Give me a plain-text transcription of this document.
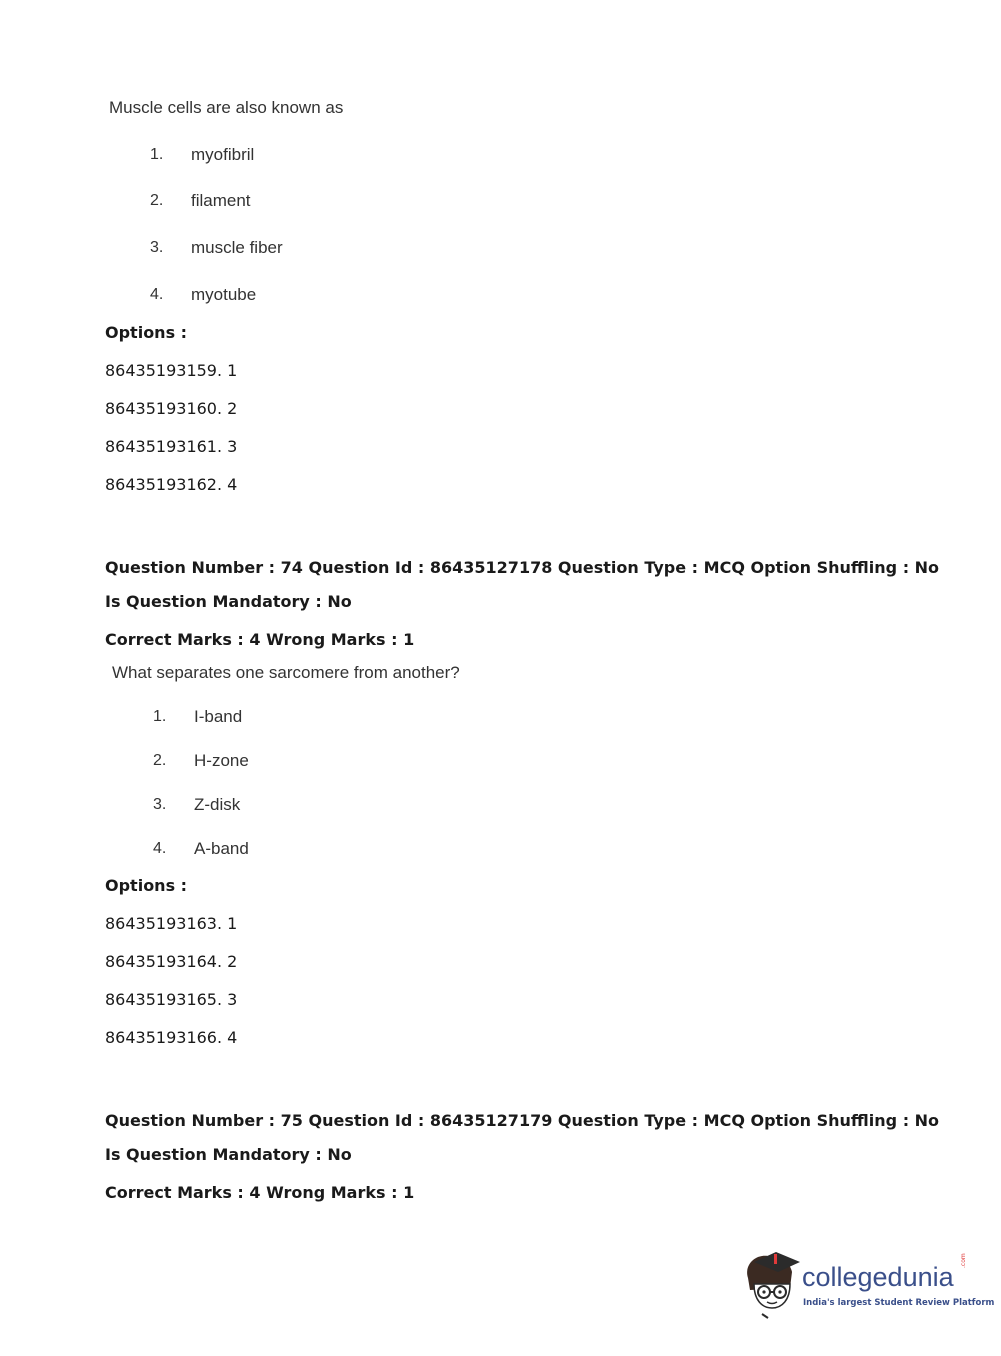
Muscle cells are also known as
1. myofibril
2. filament
3. muscle fiber
4. myotube
Options :
86435193159. 1
86435193160. 2
86435193161. 3
86435193162. 4
Question Number : 74 Question Id : 86435127178 Question Type : MCQ Option Shuffling : No
Is Question Mandatory : No
Correct Marks : 4 Wrong Marks : 1
What separates one sarcomere from another?
1. I-band
2. H-zone
3. Z-disk
4. A-band
Options :
86435193163. 1
86435193164. 2
86435193165. 3
86435193166. 4
Question Number : 75 Question Id : 86435127179 Question Type : MCQ Option Shuffling : No
Is Question Mandatory : No
Correct Marks : 4 Wrong Marks : 1
collegedunia
.com
India's largest Student Review Platform
